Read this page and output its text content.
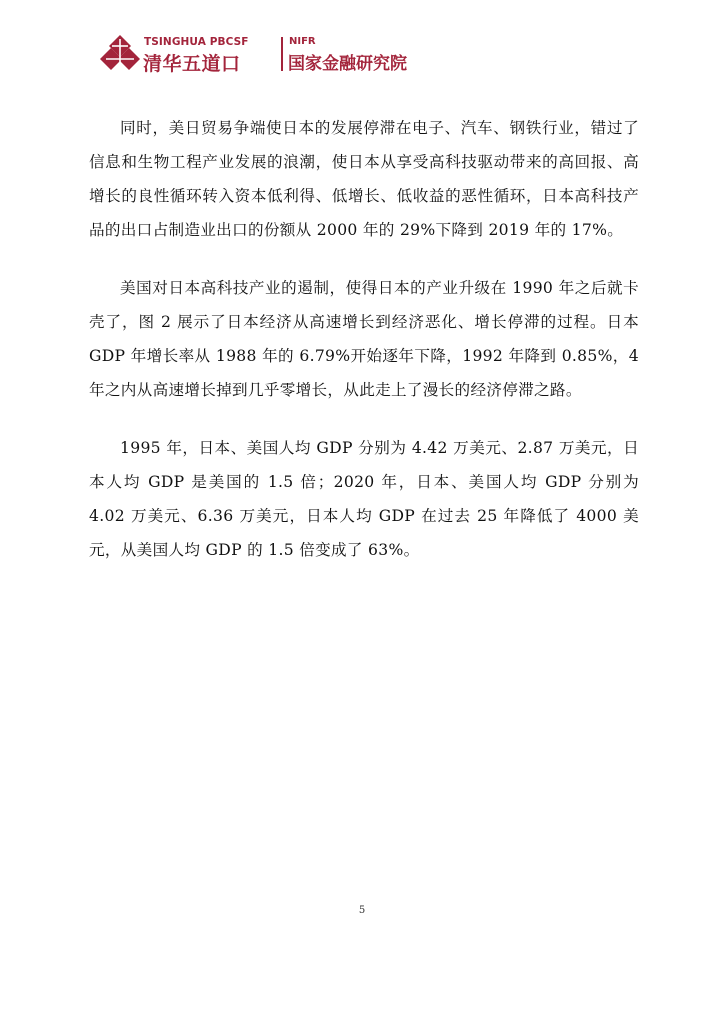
TSINGHUA PBCSF
清华五道口
NIFR
国家金融研究院

同时，美日贸易争端使日本的发展停滞在电子、汽车、钢铁行业，错过了信息和生物工程产业发展的浪潮，使日本从享受高科技驱动带来的高回报、高增长的良性循环转入资本低利得、低增长、低收益的恶性循环，日本高科技产品的出口占制造业出口的份额从 2000 年的 29%下降到 2019 年的 17%。

美国对日本高科技产业的遏制，使得日本的产业升级在 1990 年之后就卡壳了，图 2 展示了日本经济从高速增长到经济恶化、增长停滞的过程。日本 GDP 年增长率从 1988 年的 6.79%开始逐年下降，1992 年降到 0.85%，4 年之内从高速增长掉到几乎零增长，从此走上了漫长的经济停滞之路。

1995 年，日本、美国人均 GDP 分别为 4.42 万美元、2.87 万美元，日本人均 GDP 是美国的 1.5 倍；2020 年，日本、美国人均 GDP 分别为 4.02 万美元、6.36 万美元，日本人均 GDP 在过去 25 年降低了 4000 美元，从美国人均 GDP 的 1.5 倍变成了 63%。

5
